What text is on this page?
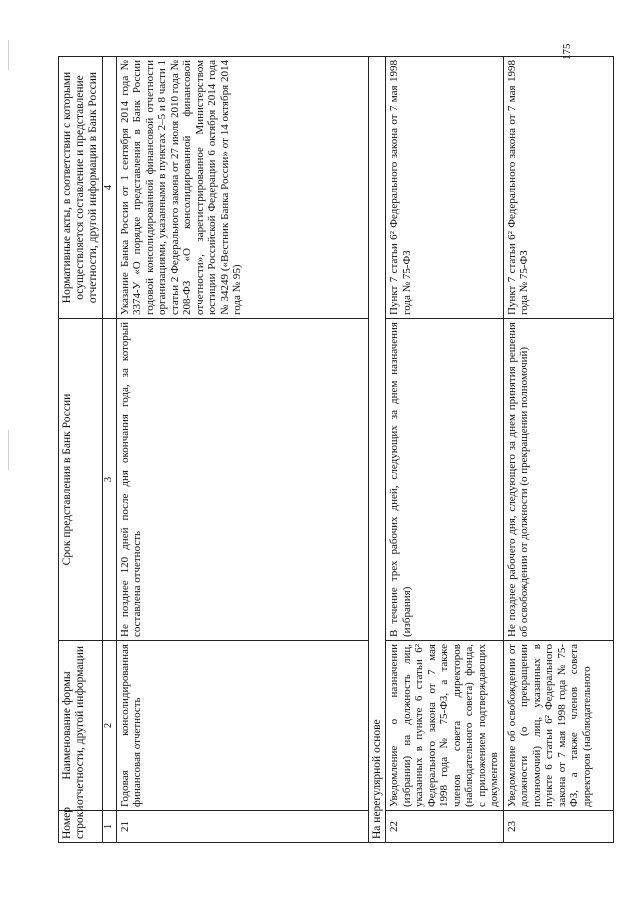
175
Номер строки	Наименование формы отчетности, другой информации	Срок представления в Банк России	Нормативные акты, в соответствии с которыми осуществляется составление и представление отчетности, другой информации в Банк России
1	2	3	4
21	Годовая консолидированная финансовая отчетность	Не позднее 120 дней после дня окончания года, за который составлена отчетность	Указание Банка России от 1 сентября 2014 года № 3374-У «О порядке представления в Банк России годовой консолидированной финансовой отчетности организациями, указанными в пунктах 2–5 и 8 части 1 статьи 2 Федерального закона от 27 июля 2010 года № 208-ФЗ «О консолидированной финансовой отчетности», зарегистрированное Министерством юстиции Российской Федерации 6 октября 2014 года № 34249 («Вестник Банка России» от 14 октября 2014 года № 95)
На нерегулярной основе			
22	Уведомление о назначении (избрании) на должность лиц, указанных в пункте 6 статьи 6² Федерального закона от 7 мая 1998 года № 75-ФЗ, а также членов совета директоров (наблюдательного совета) фонда, с приложением подтверждающих документов	В течение трех рабочих дней, следующих за днем назначения (избрания)	Пункт 7 статьи 6² Федерального закона от 7 мая 1998 года № 75-ФЗ
23	Уведомление об освобождении от должности (о прекращении полномочий) лиц, указанных в пункте 6 статьи 6² Федерального закона от 7 мая 1998 года № 75-ФЗ, а также членов совета директоров (наблюдательного	Не позднее рабочего дня, следующего за днем принятия решения об освобождении от должности (о прекращении полномочий)	Пункт 7 статьи 6² Федерального закона от 7 мая 1998 года № 75-ФЗ
